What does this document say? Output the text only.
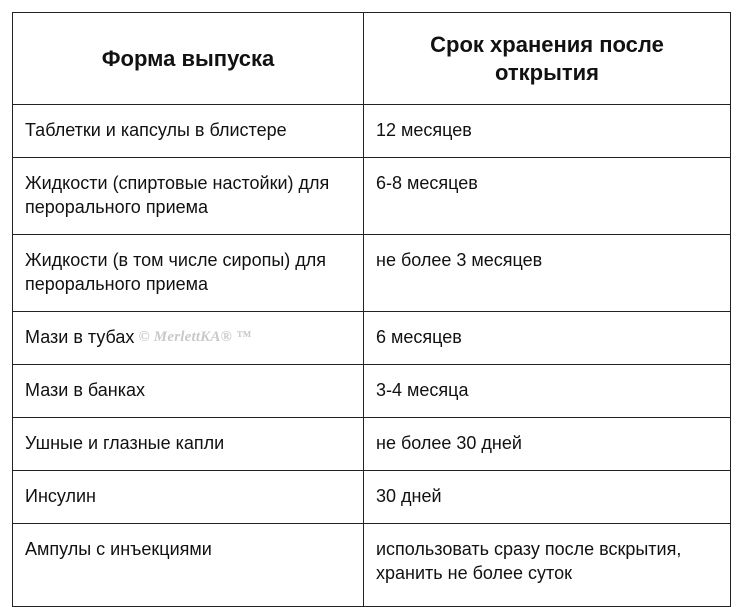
Форма выпуска	Срок хранения после открытия
Таблетки и капсулы в блистере	12 месяцев
Жидкости (спиртовые настойки) для перорального приема	6-8 месяцев
Жидкости (в том числе сиропы) для перорального приема	не более 3 месяцев
Мази в тубах © MerlettKA® ™	6 месяцев
Мази в банках	3-4 месяца
Ушные и глазные капли	не более 30 дней
Инсулин	30 дней
Ампулы с инъекциями	использовать сразу после вскрытия, хранить не более суток
